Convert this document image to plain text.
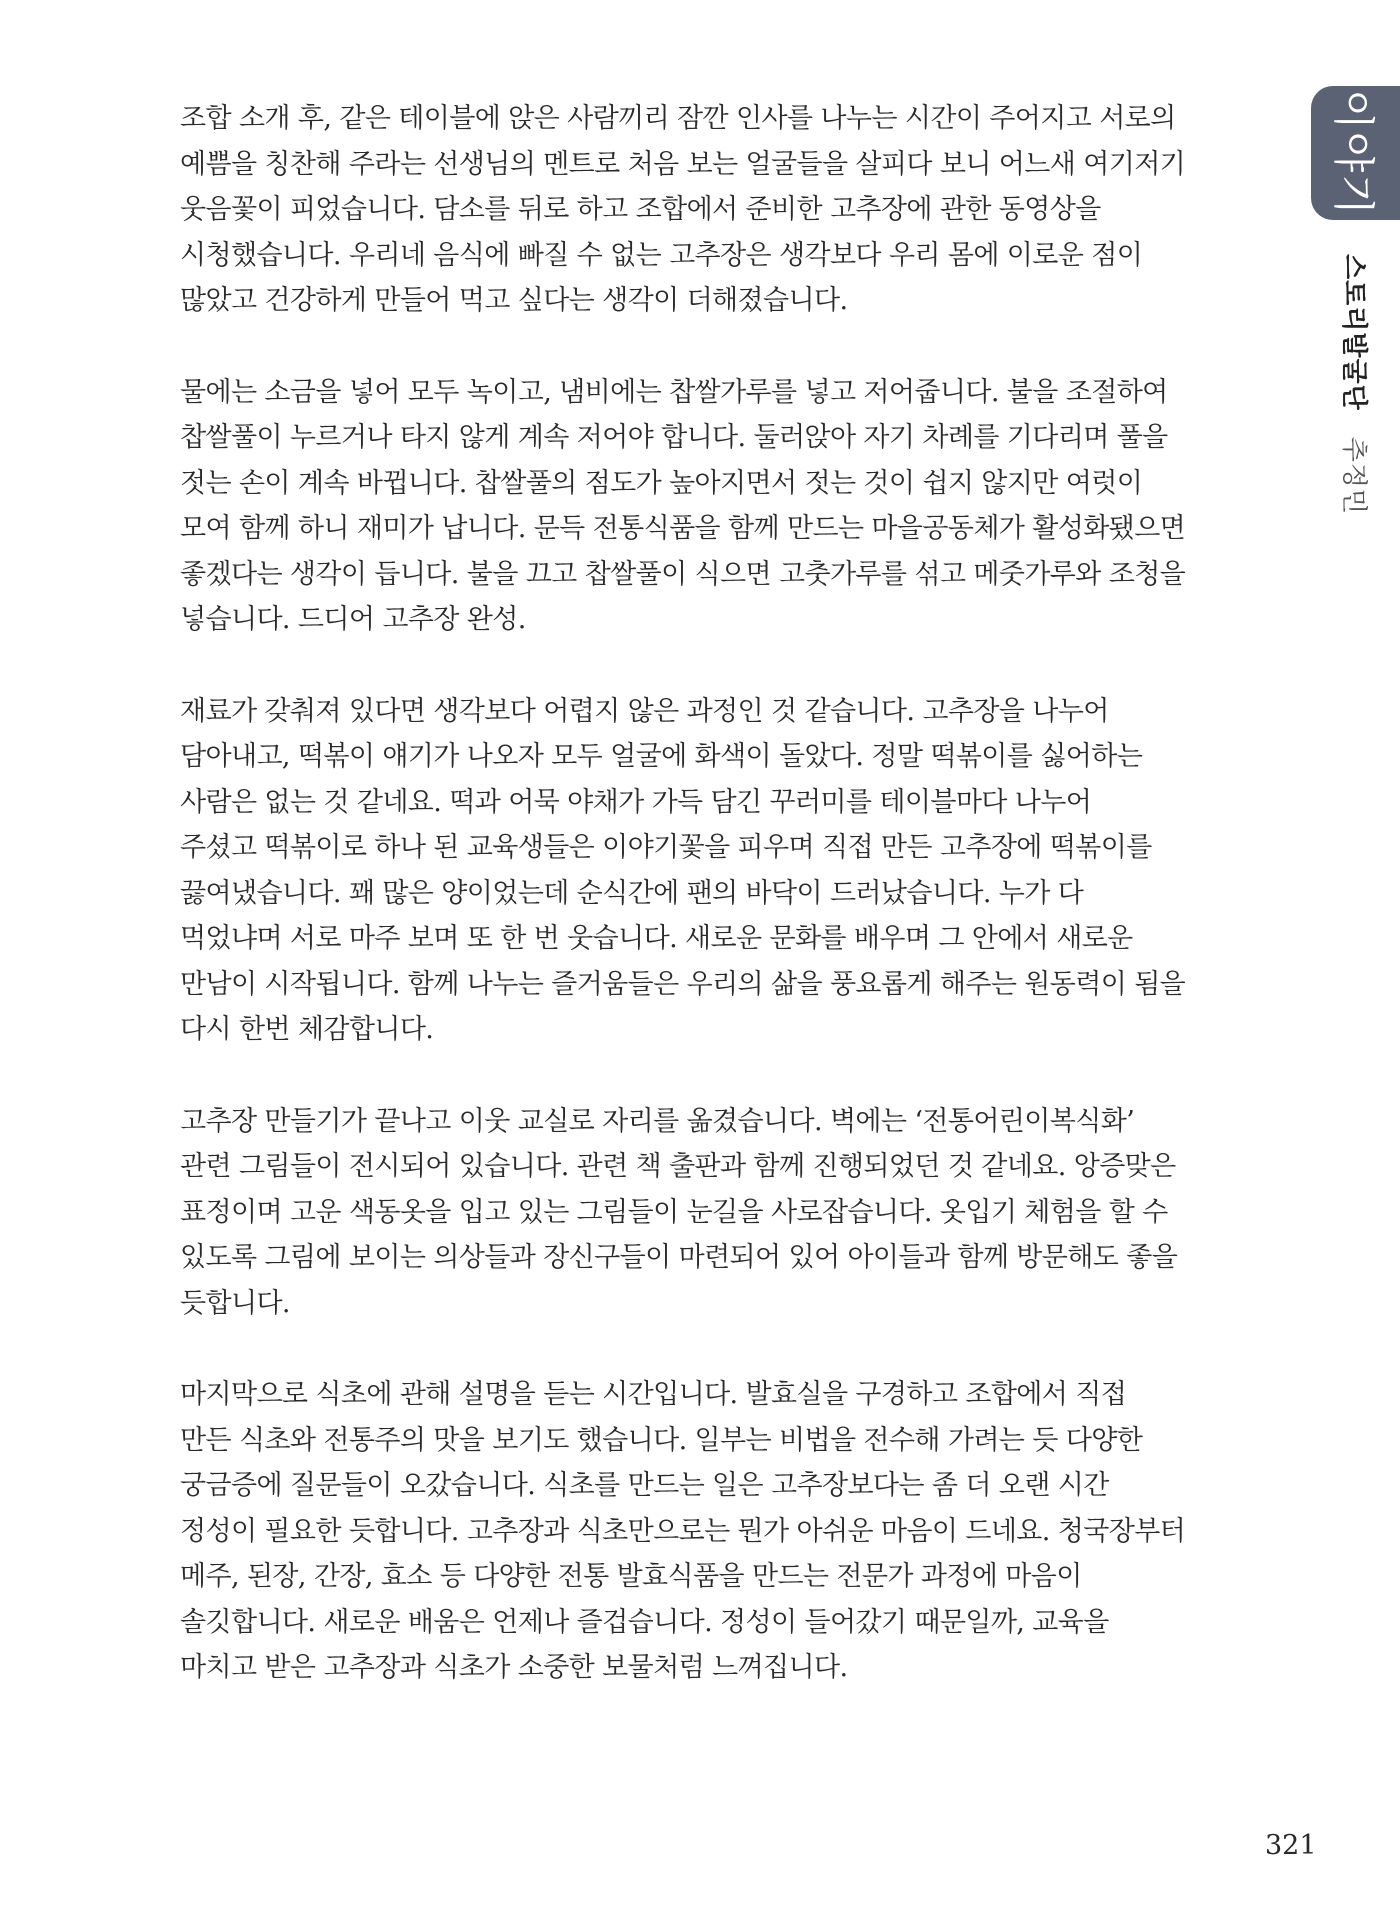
이야기
스토리발굴단추정민
조합 소개 후, 같은 테이블에 앉은 사람끼리 잠깐 인사를 나누는 시간이 주어지고 서로의
예쁨을 칭찬해 주라는 선생님의 멘트로 처음 보는 얼굴들을 살피다 보니 어느새 여기저기
웃음꽃이 피었습니다. 담소를 뒤로 하고 조합에서 준비한 고추장에 관한 동영상을
시청했습니다. 우리네 음식에 빠질 수 없는 고추장은 생각보다 우리 몸에 이로운 점이
많았고 건강하게 만들어 먹고 싶다는 생각이 더해졌습니다.
물에는 소금을 넣어 모두 녹이고, 냄비에는 찹쌀가루를 넣고 저어줍니다. 불을 조절하여
찹쌀풀이 누르거나 타지 않게 계속 저어야 합니다. 둘러앉아 자기 차례를 기다리며 풀을
젓는 손이 계속 바뀝니다. 찹쌀풀의 점도가 높아지면서 젓는 것이 쉽지 않지만 여럿이
모여 함께 하니 재미가 납니다. 문득 전통식품을 함께 만드는 마을공동체가 활성화됐으면
좋겠다는 생각이 듭니다. 불을 끄고 찹쌀풀이 식으면 고춧가루를 섞고 메줏가루와 조청을
넣습니다. 드디어 고추장 완성.
재료가 갖춰져 있다면 생각보다 어렵지 않은 과정인 것 같습니다. 고추장을 나누어
담아내고, 떡볶이 얘기가 나오자 모두 얼굴에 화색이 돌았다. 정말 떡볶이를 싫어하는
사람은 없는 것 같네요. 떡과 어묵 야채가 가득 담긴 꾸러미를 테이블마다 나누어
주셨고 떡볶이로 하나 된 교육생들은 이야기꽃을 피우며 직접 만든 고추장에 떡볶이를
끓여냈습니다. 꽤 많은 양이었는데 순식간에 팬의 바닥이 드러났습니다. 누가 다
먹었냐며 서로 마주 보며 또 한 번 웃습니다. 새로운 문화를 배우며 그 안에서 새로운
만남이 시작됩니다. 함께 나누는 즐거움들은 우리의 삶을 풍요롭게 해주는 원동력이 됨을
다시 한번 체감합니다.
고추장 만들기가 끝나고 이웃 교실로 자리를 옮겼습니다. 벽에는 ‘전통어린이복식화’
관련 그림들이 전시되어 있습니다. 관련 책 출판과 함께 진행되었던 것 같네요. 앙증맞은
표정이며 고운 색동옷을 입고 있는 그림들이 눈길을 사로잡습니다. 옷입기 체험을 할 수
있도록 그림에 보이는 의상들과 장신구들이 마련되어 있어 아이들과 함께 방문해도 좋을
듯합니다.
마지막으로 식초에 관해 설명을 듣는 시간입니다. 발효실을 구경하고 조합에서 직접
만든 식초와 전통주의 맛을 보기도 했습니다. 일부는 비법을 전수해 가려는 듯 다양한
궁금증에 질문들이 오갔습니다. 식초를 만드는 일은 고추장보다는 좀 더 오랜 시간
정성이 필요한 듯합니다. 고추장과 식초만으로는 뭔가 아쉬운 마음이 드네요. 청국장부터
메주, 된장, 간장, 효소 등 다양한 전통 발효식품을 만드는 전문가 과정에 마음이
솔깃합니다. 새로운 배움은 언제나 즐겁습니다. 정성이 들어갔기 때문일까, 교육을
마치고 받은 고추장과 식초가 소중한 보물처럼 느껴집니다.
321
